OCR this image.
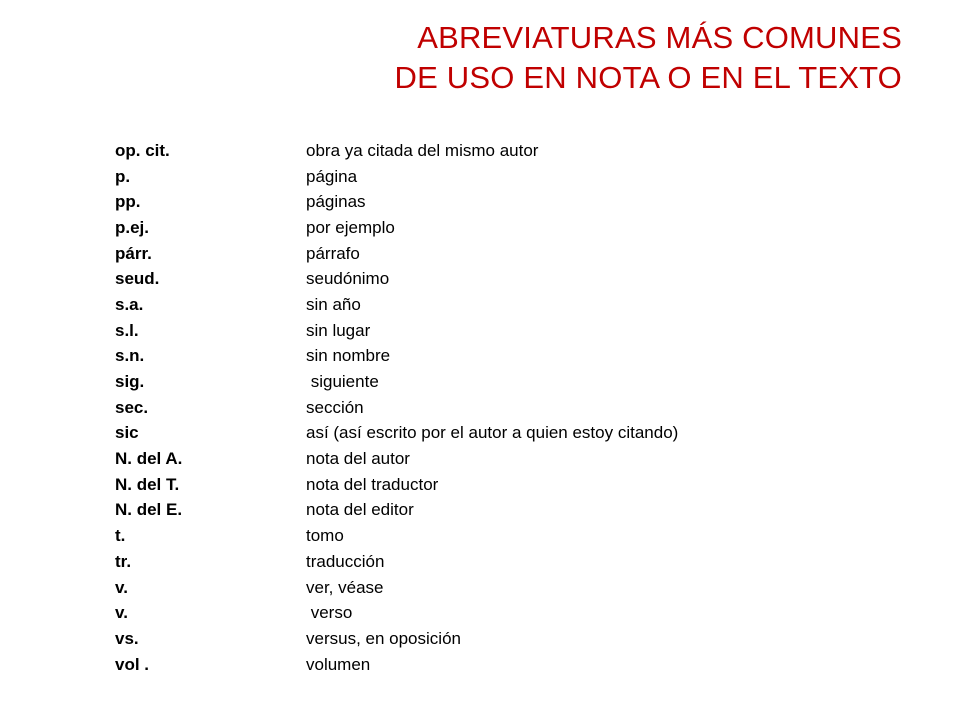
ABREVIATURAS MÁS COMUNES
DE USO EN NOTA O EN EL TEXTO
op. cit.	obra ya citada del mismo autor
p.	página
pp.	páginas
p.ej.	por ejemplo
párr.	párrafo
seud.	seudónimo
s.a.	sin año
s.l.	sin lugar
s.n.	sin nombre
sig.	siguiente
sec.	sección
sic	así (así escrito por el autor a quien estoy citando)
N. del A.	nota del autor
N. del T.	nota del traductor
N. del E.	nota del editor
t.	tomo
tr.	traducción
v.	ver, véase
v.	verso
vs.	versus, en oposición
vol .	volumen
